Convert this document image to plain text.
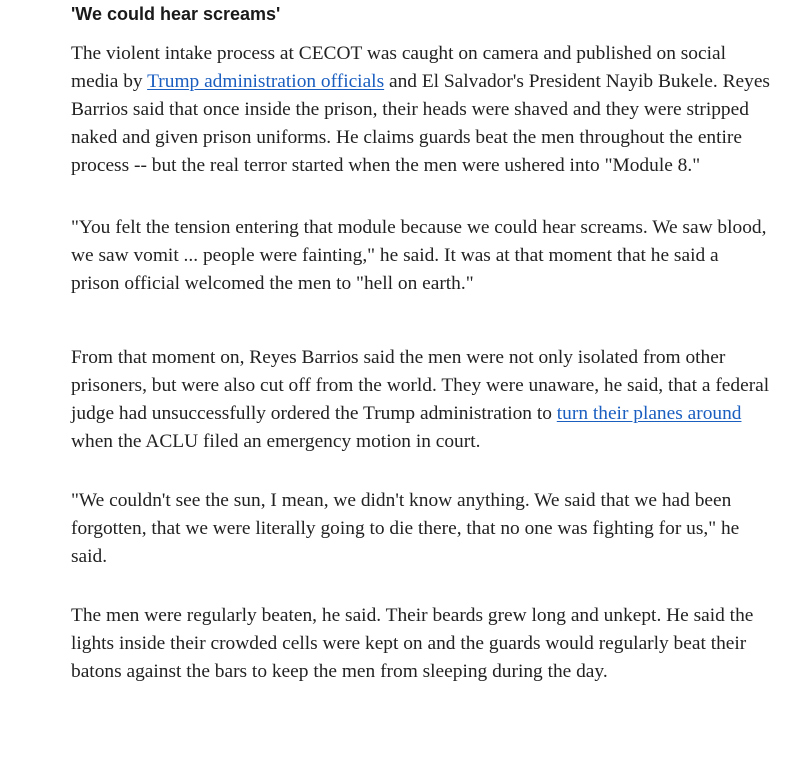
'We could hear screams'

The violent intake process at CECOT was caught on camera and published on social media by Trump administration officials and El Salvador's President Nayib Bukele. Reyes Barrios said that once inside the prison, their heads were shaved and they were stripped naked and given prison uniforms. He claims guards beat the men throughout the entire process -- but the real terror started when the men were ushered into "Module 8."

"You felt the tension entering that module because we could hear screams. We saw blood, we saw vomit ... people were fainting," he said. It was at that moment that he said a prison official welcomed the men to "hell on earth."

From that moment on, Reyes Barrios said the men were not only isolated from other prisoners, but were also cut off from the world. They were unaware, he said, that a federal judge had unsuccessfully ordered the Trump administration to turn their planes around when the ACLU filed an emergency motion in court.

"We couldn't see the sun, I mean, we didn't know anything. We said that we had been forgotten, that we were literally going to die there, that no one was fighting for us," he said.

The men were regularly beaten, he said. Their beards grew long and unkept. He said the lights inside their crowded cells were kept on and the guards would regularly beat their batons against the bars to keep the men from sleeping during the day.
